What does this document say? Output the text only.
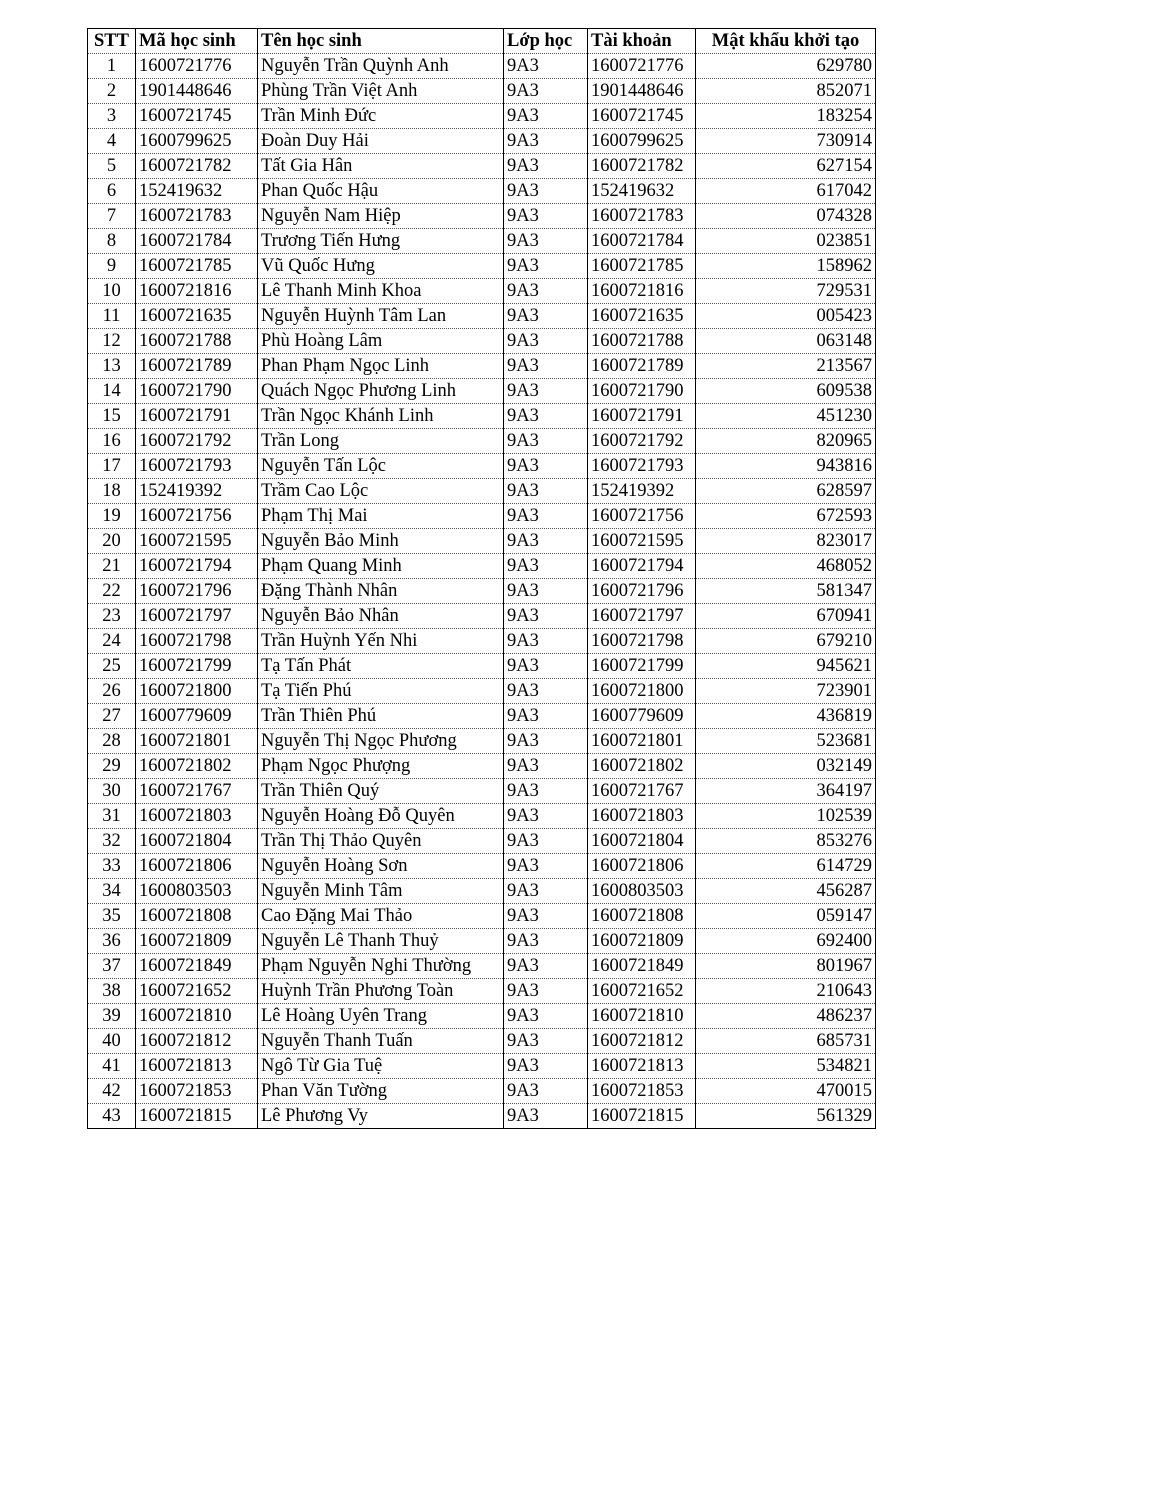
STT	Mã học sinh	Tên học sinh	Lớp học	Tài khoản	Mật khẩu khởi tạo
1	1600721776	Nguyễn Trần Quỳnh Anh	9A3	1600721776	629780
2	1901448646	Phùng Trần Việt Anh	9A3	1901448646	852071
3	1600721745	Trần Minh Đức	9A3	1600721745	183254
4	1600799625	Đoàn Duy Hải	9A3	1600799625	730914
5	1600721782	Tất Gia Hân	9A3	1600721782	627154
6	152419632	Phan Quốc Hậu	9A3	152419632	617042
7	1600721783	Nguyễn Nam Hiệp	9A3	1600721783	074328
8	1600721784	Trương Tiến Hưng	9A3	1600721784	023851
9	1600721785	Vũ Quốc Hưng	9A3	1600721785	158962
10	1600721816	Lê Thanh Minh Khoa	9A3	1600721816	729531
11	1600721635	Nguyễn Huỳnh Tâm Lan	9A3	1600721635	005423
12	1600721788	Phù Hoàng Lâm	9A3	1600721788	063148
13	1600721789	Phan Phạm Ngọc Linh	9A3	1600721789	213567
14	1600721790	Quách Ngọc Phương Linh	9A3	1600721790	609538
15	1600721791	Trần Ngọc Khánh Linh	9A3	1600721791	451230
16	1600721792	Trần Long	9A3	1600721792	820965
17	1600721793	Nguyễn Tấn Lộc	9A3	1600721793	943816
18	152419392	Trầm Cao Lộc	9A3	152419392	628597
19	1600721756	Phạm Thị Mai	9A3	1600721756	672593
20	1600721595	Nguyễn Bảo Minh	9A3	1600721595	823017
21	1600721794	Phạm Quang Minh	9A3	1600721794	468052
22	1600721796	Đặng Thành Nhân	9A3	1600721796	581347
23	1600721797	Nguyễn Bảo Nhân	9A3	1600721797	670941
24	1600721798	Trần Huỳnh Yến Nhi	9A3	1600721798	679210
25	1600721799	Tạ Tấn Phát	9A3	1600721799	945621
26	1600721800	Tạ Tiến Phú	9A3	1600721800	723901
27	1600779609	Trần Thiên Phú	9A3	1600779609	436819
28	1600721801	Nguyễn Thị Ngọc Phương	9A3	1600721801	523681
29	1600721802	Phạm Ngọc Phượng	9A3	1600721802	032149
30	1600721767	Trần Thiên Quý	9A3	1600721767	364197
31	1600721803	Nguyễn Hoàng Đỗ Quyên	9A3	1600721803	102539
32	1600721804	Trần Thị Thảo Quyên	9A3	1600721804	853276
33	1600721806	Nguyễn Hoàng Sơn	9A3	1600721806	614729
34	1600803503	Nguyễn Minh Tâm	9A3	1600803503	456287
35	1600721808	Cao Đặng Mai Thảo	9A3	1600721808	059147
36	1600721809	Nguyễn Lê Thanh Thuỷ	9A3	1600721809	692400
37	1600721849	Phạm Nguyễn Nghi Thường	9A3	1600721849	801967
38	1600721652	Huỳnh Trần Phương Toàn	9A3	1600721652	210643
39	1600721810	Lê Hoàng Uyên Trang	9A3	1600721810	486237
40	1600721812	Nguyễn Thanh Tuấn	9A3	1600721812	685731
41	1600721813	Ngô Từ Gia Tuệ	9A3	1600721813	534821
42	1600721853	Phan Văn Tường	9A3	1600721853	470015
43	1600721815	Lê Phương Vy	9A3	1600721815	561329
